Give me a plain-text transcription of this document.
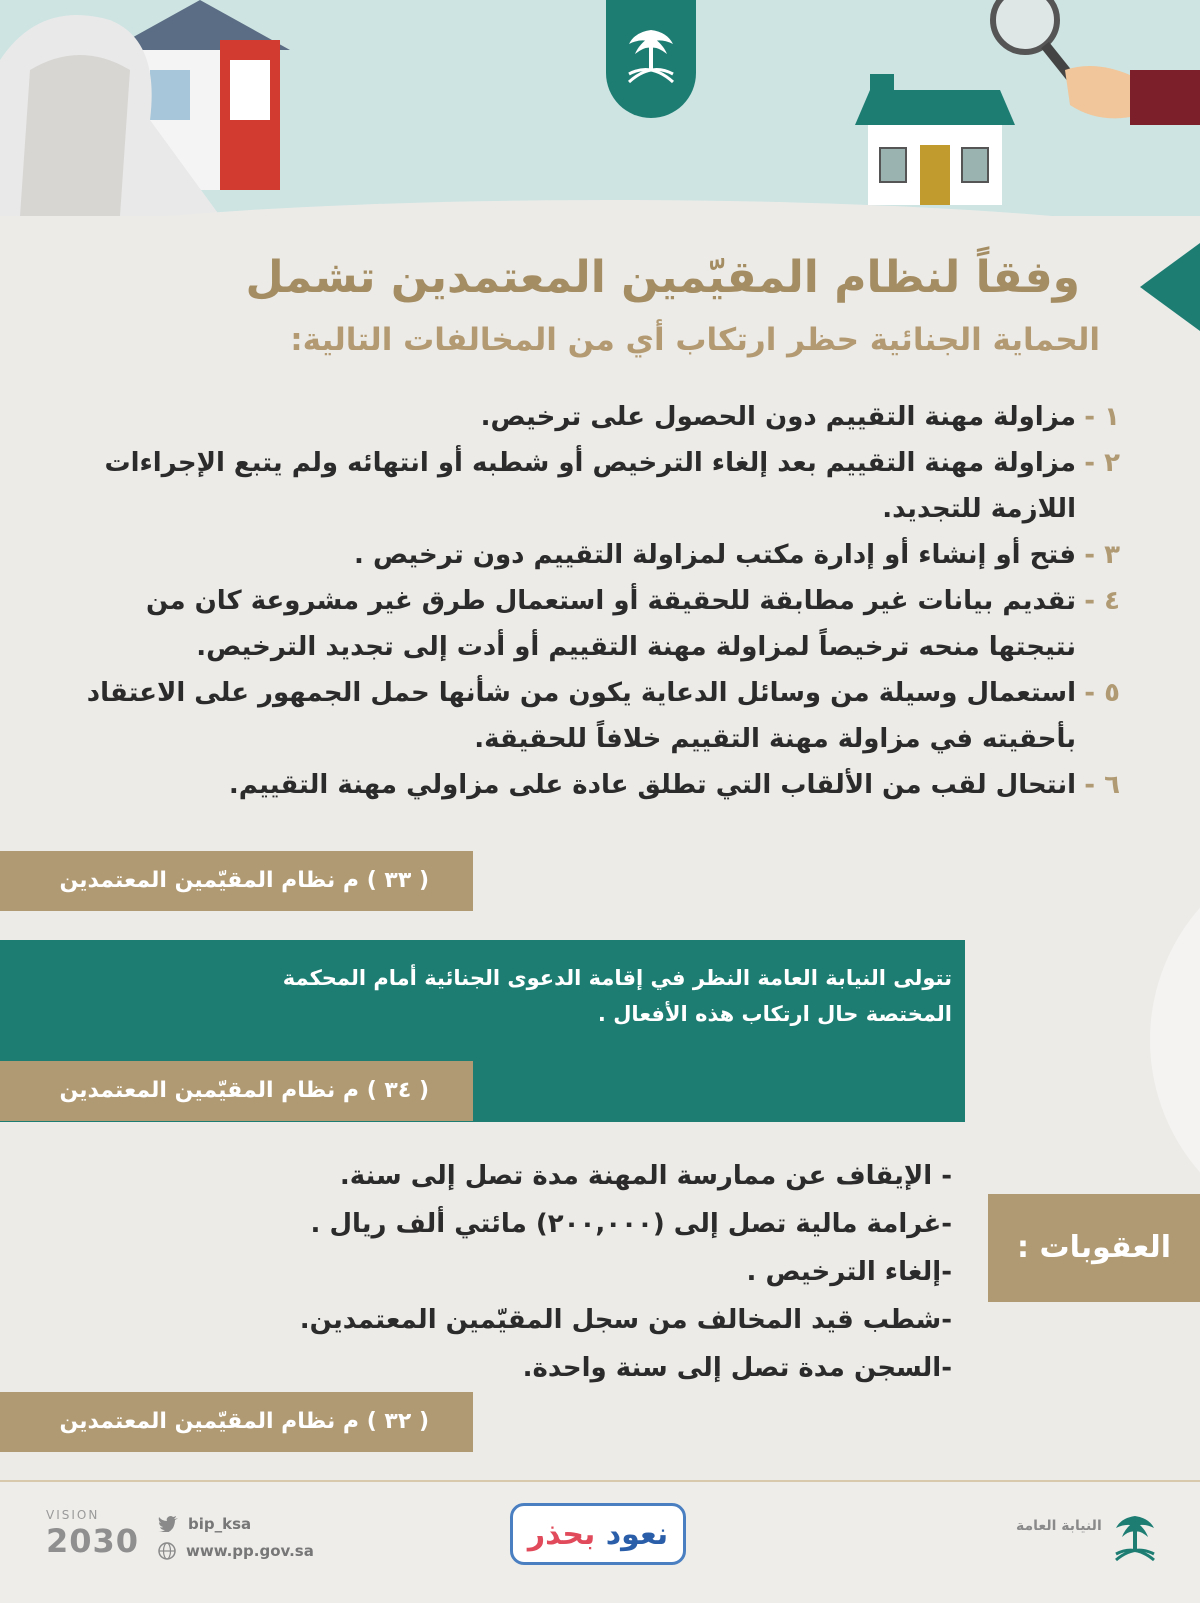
وفقاً لنظام المقيّمين المعتمدين تشمل
الحماية الجنائية حظر ارتكاب أي من المخالفات التالية:
١ -
مزاولة مهنة التقييم دون الحصول على ترخيص.
٢ -
مزاولة مهنة التقييم بعد إلغاء الترخيص أو شطبه أو انتهائه ولم يتبع الإجراءات اللازمة للتجديد.
٣ -
فتح أو إنشاء أو إدارة مكتب لمزاولة التقييم دون ترخيص .
٤ -
تقديم بيانات غير مطابقة للحقيقة أو استعمال طرق غير مشروعة كان من نتيجتها منحه ترخيصاً لمزاولة مهنة التقييم أو أدت إلى تجديد الترخيص.
٥ -
استعمال وسيلة من وسائل الدعاية يكون من شأنها حمل الجمهور على الاعتقاد بأحقيته في مزاولة مهنة التقييم خلافاً للحقيقة.
٦ -
انتحال لقب من الألقاب التي تطلق عادة على مزاولي مهنة التقييم.
( ٣٣ ) م نظام المقيّمين المعتمدين
تتولى النيابة العامة النظر في إقامة الدعوى الجنائية أمام المحكمة المختصة حال ارتكاب هذه الأفعال .
( ٣٤ ) م نظام المقيّمين المعتمدين
العقوبات :
- الإيقاف عن ممارسة المهنة مدة تصل إلى سنة.
-غرامة مالية تصل إلى (٢٠٠,٠٠٠) مائتي ألف ريال .
-إلغاء الترخيص .
-شطب قيد المخالف من سجل المقيّمين المعتمدين.
-السجن مدة تصل إلى سنة واحدة.
( ٣٢ ) م نظام المقيّمين المعتمدين
VISION
2030	bip_ksa
www.pp.gov.sa	نعود بحذر	النيابة العامة
